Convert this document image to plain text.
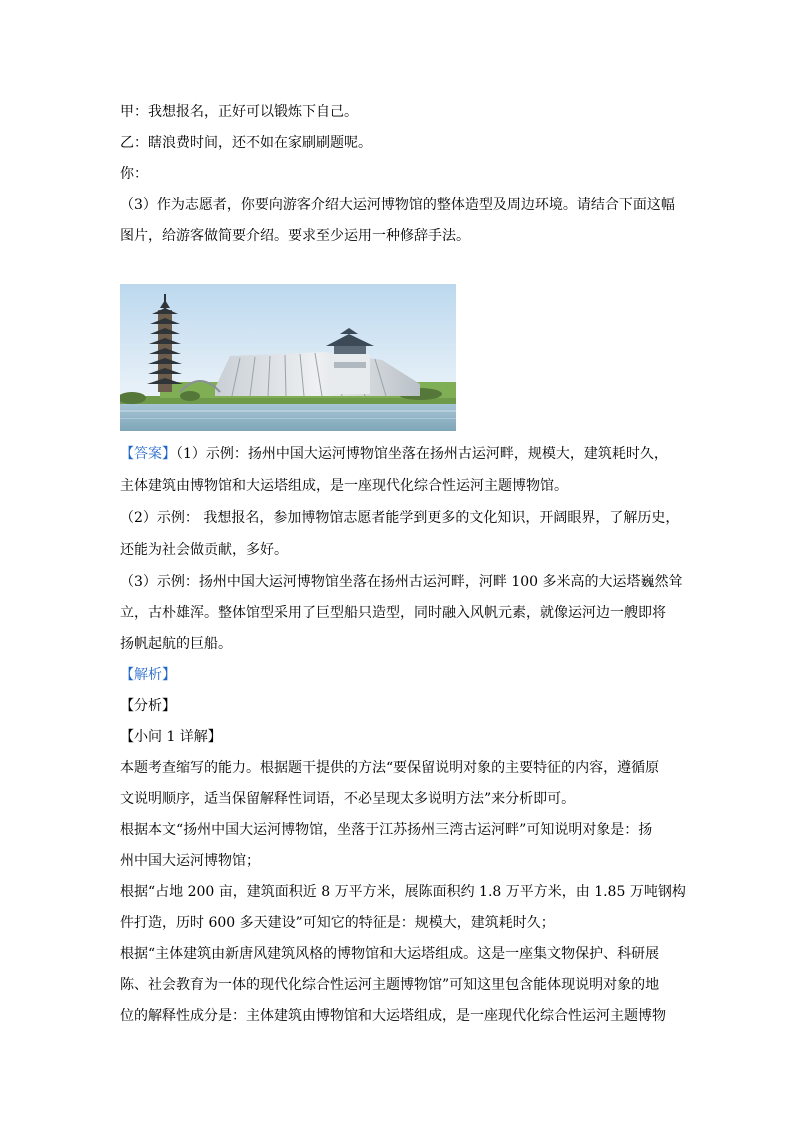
甲：我想报名，正好可以锻炼下自己。
乙：瞎浪费时间，还不如在家刷刷题呢。
你：
（3）作为志愿者，你要向游客介绍大运河博物馆的整体造型及周边环境。请结合下面这幅
图片，给游客做简要介绍。要求至少运用一种修辞手法。
【答案】（1）示例：扬州中国大运河博物馆坐落在扬州古运河畔，规模大，建筑耗时久，
主体建筑由博物馆和大运塔组成，是一座现代化综合性运河主题博物馆。
（2）示例： 我想报名，参加博物馆志愿者能学到更多的文化知识，开阔眼界，了解历史，
还能为社会做贡献，多好。
（3）示例：扬州中国大运河博物馆坐落在扬州古运河畔，河畔 100 多米高的大运塔巍然耸
立，古朴雄浑。整体馆型采用了巨型船只造型，同时融入风帆元素，就像运河边一艘即将
扬帆起航的巨船。
【解析】
【分析】
【小问 1 详解】
本题考查缩写的能力。根据题干提供的方法“要保留说明对象的主要特征的内容，遵循原
文说明顺序，适当保留解释性词语，不必呈现太多说明方法”来分析即可。
根据本文“扬州中国大运河博物馆，坐落于江苏扬州三湾古运河畔”可知说明对象是：扬
州中国大运河博物馆；
根据“占地 200 亩，建筑面积近 8 万平方米，展陈面积约 1.8 万平方米，由 1.85 万吨钢构
件打造，历时 600 多天建设”可知它的特征是：规模大，建筑耗时久；
根据“主体建筑由新唐风建筑风格的博物馆和大运塔组成。这是一座集文物保护、科研展
陈、社会教育为一体的现代化综合性运河主题博物馆”可知这里包含能体现说明对象的地
位的解释性成分是：主体建筑由博物馆和大运塔组成，是一座现代化综合性运河主题博物
